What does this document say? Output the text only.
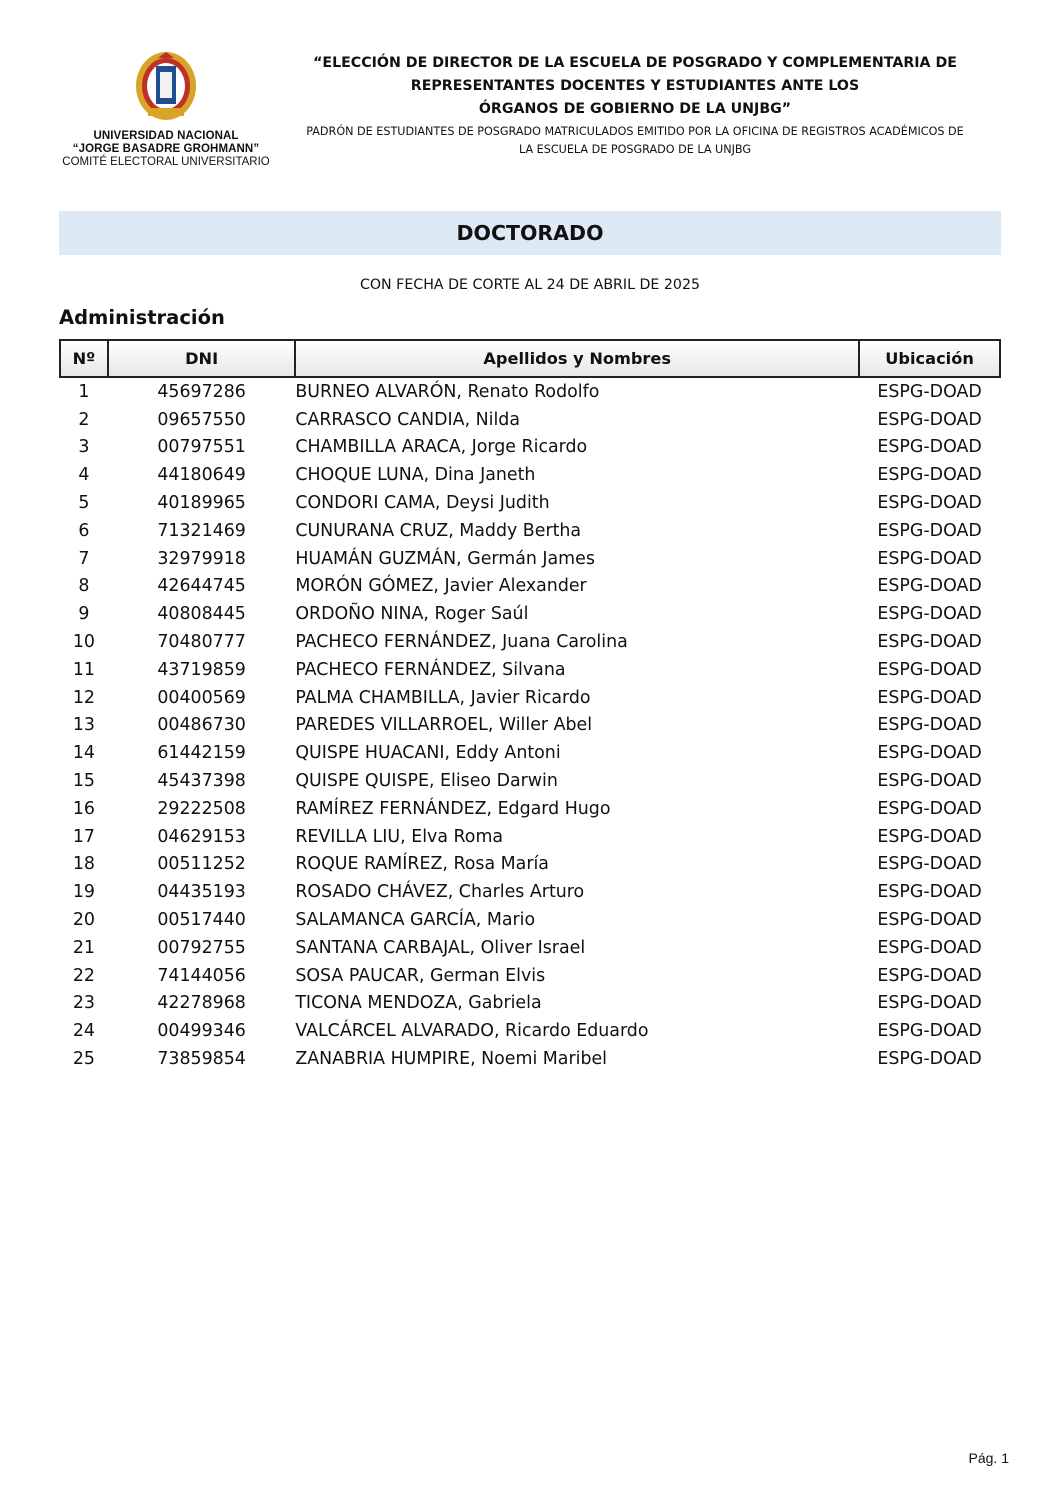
UNIVERSIDAD NACIONAL
“JORGE BASADRE GROHMANN”
COMITÉ ELECTORAL UNIVERSITARIO
“ELECCIÓN DE DIRECTOR DE LA ESCUELA DE POSGRADO Y COMPLEMENTARIA DE
REPRESENTANTES DOCENTES Y ESTUDIANTES ANTE LOS
ÓRGANOS DE GOBIERNO DE LA UNJBG”
PADRÓN DE ESTUDIANTES DE POSGRADO MATRICULADOS EMITIDO POR LA OFICINA DE REGISTROS ACADÉMICOS DE
LA ESCUELA DE POSGRADO DE LA UNJBG
DOCTORADO
CON FECHA DE CORTE AL 24 DE ABRIL DE 2025
Administración
Nº	DNI	Apellidos y Nombres	Ubicación
1	45697286	BURNEO ALVARÓN, Renato Rodolfo	ESPG-DOAD
2	09657550	CARRASCO CANDIA, Nilda	ESPG-DOAD
3	00797551	CHAMBILLA ARACA, Jorge Ricardo	ESPG-DOAD
4	44180649	CHOQUE LUNA, Dina Janeth	ESPG-DOAD
5	40189965	CONDORI CAMA, Deysi Judith	ESPG-DOAD
6	71321469	CUNURANA CRUZ, Maddy Bertha	ESPG-DOAD
7	32979918	HUAMÁN GUZMÁN, Germán James	ESPG-DOAD
8	42644745	MORÓN GÓMEZ, Javier Alexander	ESPG-DOAD
9	40808445	ORDOÑO NINA, Roger Saúl	ESPG-DOAD
10	70480777	PACHECO FERNÁNDEZ, Juana Carolina	ESPG-DOAD
11	43719859	PACHECO FERNÁNDEZ, Silvana	ESPG-DOAD
12	00400569	PALMA CHAMBILLA, Javier Ricardo	ESPG-DOAD
13	00486730	PAREDES VILLARROEL, Willer Abel	ESPG-DOAD
14	61442159	QUISPE HUACANI, Eddy Antoni	ESPG-DOAD
15	45437398	QUISPE QUISPE, Eliseo Darwin	ESPG-DOAD
16	29222508	RAMÍREZ FERNÁNDEZ, Edgard Hugo	ESPG-DOAD
17	04629153	REVILLA LIU, Elva Roma	ESPG-DOAD
18	00511252	ROQUE RAMÍREZ, Rosa María	ESPG-DOAD
19	04435193	ROSADO CHÁVEZ, Charles Arturo	ESPG-DOAD
20	00517440	SALAMANCA GARCÍA, Mario	ESPG-DOAD
21	00792755	SANTANA CARBAJAL, Oliver Israel	ESPG-DOAD
22	74144056	SOSA PAUCAR, German Elvis	ESPG-DOAD
23	42278968	TICONA MENDOZA, Gabriela	ESPG-DOAD
24	00499346	VALCÁRCEL ALVARADO, Ricardo Eduardo	ESPG-DOAD
25	73859854	ZANABRIA HUMPIRE, Noemi Maribel	ESPG-DOAD
Pág. 1
